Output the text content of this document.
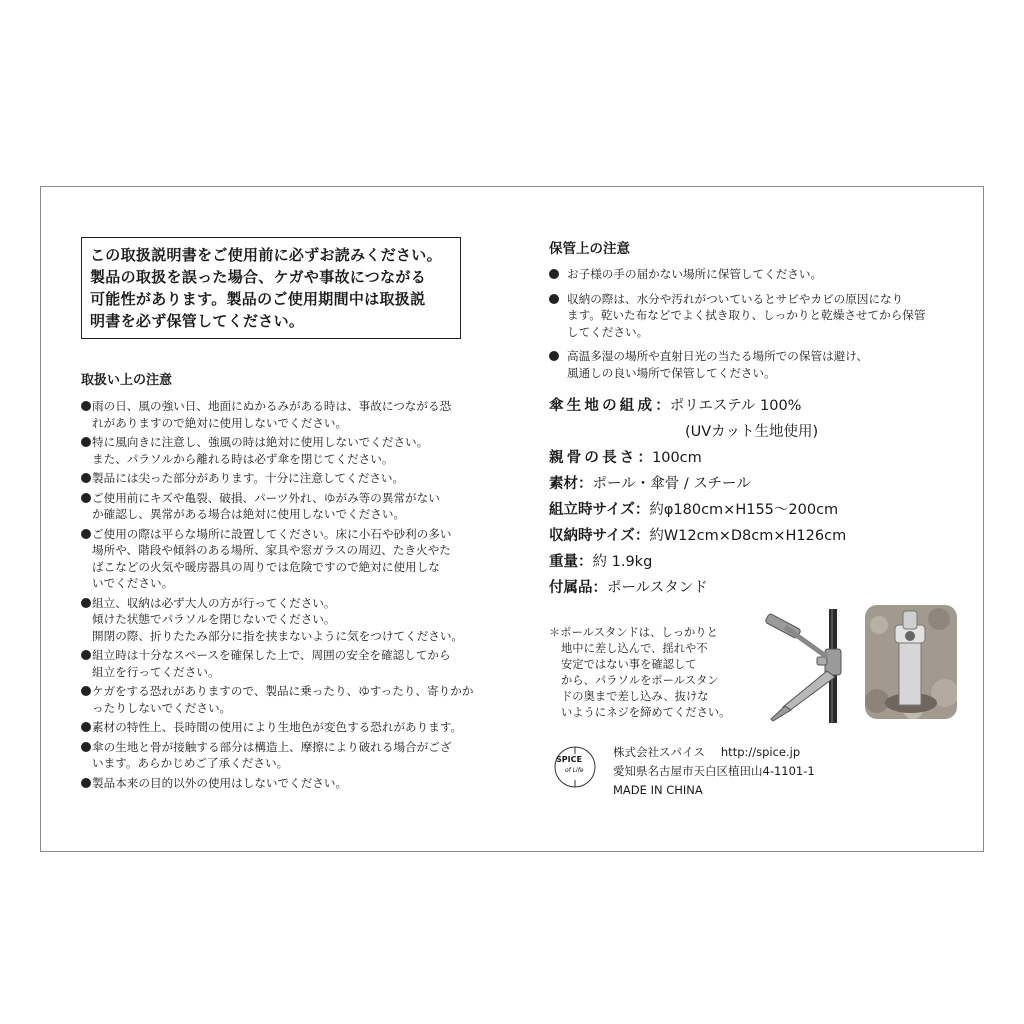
この取扱説明書をご使用前に必ずお読みください。
製品の取扱を誤った場合、ケガや事故につながる
可能性があります。製品のご使用期間中は取扱説
明書を必ず保管してください。
取扱い上の注意
雨の日、風の強い日、地面にぬかるみがある時は、事故につながる恐
れがありますので絶対に使用しないでください。
特に風向きに注意し、強風の時は絶対に使用しないでください。
また、パラソルから離れる時は必ず傘を閉じてください。
製品には尖った部分があります。十分に注意してください。
ご使用前にキズや亀裂、破損、パーツ外れ、ゆがみ等の異常がない
か確認し、異常がある場合は絶対に使用しないでください。
ご使用の際は平らな場所に設置してください。床に小石や砂利の多い
場所や、階段や傾斜のある場所、家具や窓ガラスの周辺、たき火やた
ばこなどの火気や暖房器具の周りでは危険ですので絶対に使用しな
いでください。
組立、収納は必ず大人の方が行ってください。
傾けた状態でパラソルを閉じないでください。
開閉の際、折りたたみ部分に指を挟まないように気をつけてください。
組立時は十分なスペースを確保した上で、周囲の安全を確認してから
組立を行ってください。
ケガをする恐れがありますので、製品に乗ったり、ゆすったり、寄りかか
ったりしないでください。
素材の特性上、長時間の使用により生地色が変色する恐れがあります。
傘の生地と骨が接触する部分は構造上、摩擦により破れる場合がござ
います。あらかじめご了承ください。
製品本来の目的以外の使用はしないでください。
保管上の注意
お子様の手の届かない場所に保管してください。
収納の際は、水分や汚れがついているとサビやカビの原因になり
ます。乾いた布などでよく拭き取り、しっかりと乾燥させてから保管
してください。
高温多湿の場所や直射日光の当たる場所での保管は避け、
風通しの良い場所で保管してください。
傘生地の組成 ： ポリエステル 100%
(UVカット生地使用)
親骨の長さ ： 100cm
素材 ： ポール・傘骨 / スチール
組立時サイズ ： 約φ180cm×H155〜200cm
収納時サイズ ： 約W12cm×D8cm×H126cm
重量 ： 約 1.9kg
付属品 ： ポールスタンド
＊ポールスタンドは、しっかりと
地中に差し込んで、揺れや不
安定ではない事を確認して
から、パラソルをポールスタン
ドの奥まで差し込み、抜けな
いようにネジを締めてください。
SPICE
of Life
株式会社スパイス http://spice.jp
愛知県名古屋市天白区植田山4-1101-1
MADE IN CHINA
